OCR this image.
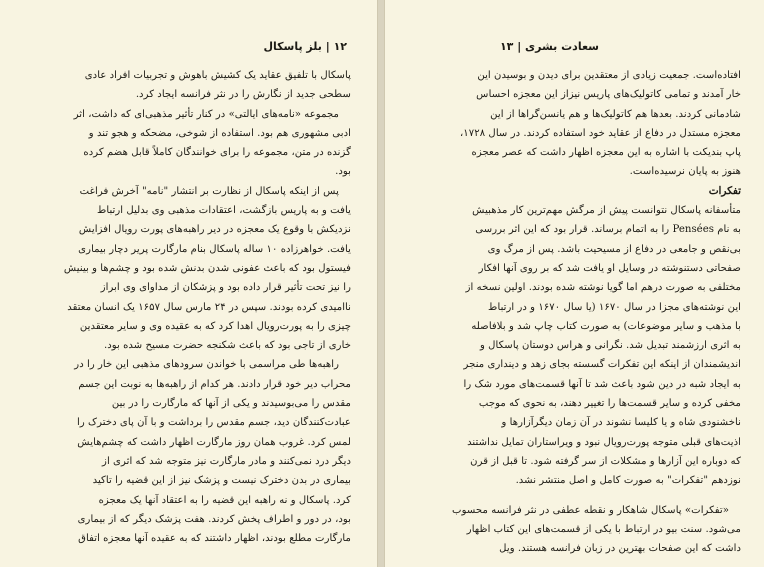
۱۲ | بلز پاسکال
پاسکال با تلفیق عقاید یک کشیش باهوش و تجربیات افراد عادی
سطحی جدید از نگارش را در نثر فرانسه ایجاد کرد.
مجموعه «نامه‌های ایالتی» در کنار تأثیر مذهبی‌ای که داشت، اثر
ادبی مشهوری هم بود. استفاده از شوخی، مضحکه و هجو تند و
گزنده در متن، مجموعه را برای خوانندگان کاملاً قابل هضم کرده
بود.
پس از اینکه پاسکال از نظارت بر انتشار "نامه" آخرش فراغت
یافت و به پاریس بازگشت، اعتقادات مذهبی وی بدلیل ارتباط
نزدیکش با وقوع یک معجزه در دیر راهبه‌های پورت رویال افزایش
یافت. خواهرزاده ۱۰ ساله پاسکال بنام مارگارت پریر دچار بیماری
فیستول بود که باعث عفونی شدن بدنش شده بود و چشم‌ها و بینیش
را نیز تحت تأثیر قرار داده بود و پزشکان از مداوای وی ابراز
ناامیدی کرده بودند. سپس در ۲۴ مارس سال ۱۶۵۷ یک انسان معتقد
چیزی را به پورت‌رویال اهدا کرد که به عقیده وی و سایر معتقدین
خاری از تاجی بود که باعث شکنجه حضرت مسیح شده بود.
راهبه‌ها طی مراسمی با خواندن سرودهای مذهبی این خار را در
محراب دیر خود قرار دادند. هر کدام از راهبه‌ها به نوبت این جسم
مقدس را می‌بوسیدند و یکی از آنها که مارگارت را در بین
عبادت‌کنندگان دید، جسم مقدس را برداشت و با آن پای دخترک را
لمس کرد. غروب همان روز مارگارت اظهار داشت که چشم‌هایش
دیگر درد نمی‌کنند و مادر مارگارت نیز متوجه شد که اثری از
بیماری در بدن دخترک نیست و پزشک نیز از این قضیه را تاکید
کرد. پاسکال و نه راهبه این قضیه را به اعتقاد آنها یک معجزه
بود، در دور و اطراف پخش کردند. هفت پزشک دیگر که از بیماری
مارگارت مطلع بودند، اظهار داشتند که به عقیده آنها معجزه اتفاق
سعادت بشری | ۱۳
افتاده‌است. جمعیت زیادی از معتقدین برای دیدن و بوسیدن این
خار آمدند و تمامی کاتولیک‌های پاریس نیزاز این معجزه احساس
شادمانی کردند. بعدها هم کاتولیک‌ها و هم یانسن‌گراها از این
معجزه مستدل در دفاع از عقاید خود استفاده کردند. در سال ۱۷۲۸،
پاپ بندیکت با اشاره به این معجزه اظهار داشت که عصر معجزه
هنوز به پایان نرسیده‌است.
تفکرات
متأسفانه پاسکال نتوانست پیش از مرگش مهم‌ترین کار مذهبیش
به نام Pensées را به اتمام برساند. قرار بود که این اثر بررسی
بی‌نقص و جامعی در دفاع از مسیحیت باشد. پس از مرگ وی
صفحاتی دستنوشته در وسایل او یافت شد که بر روی آنها افکار
مختلفی به صورت درهم اما گویا نوشته شده بودند. اولین نسخه از
این نوشته‌های مجزا در سال ۱۶۷۰ (یا سال ۱۶۷۰ و در ارتباط
با مذهب و سایر موضوعات) به صورت کتاب چاپ شد و بلافاصله
به اثری ارزشمند تبدیل شد. نگرانی و هراس دوستان پاسکال و
اندیشمندان از اینکه این تفکرات گسسته بجای زهد و دینداری منجر
به ایجاد شبه در دین شود باعث شد تا آنها قسمت‌های مورد شک را
مخفی کرده و سایر قسمت‌ها را تغییر دهند، به نحوی که موجب
ناخشنودی شاه و یا کلیسا نشوند در آن زمان دیگرآزارها و
اذیت‌های قبلی متوجه پورت‌رویال نبود و ویراستاران تمایل نداشتند
که دوباره این آزارها و مشکلات از سر گرفته شود. تا قبل از قرن
نوزدهم "تفکرات" به صورت کامل و اصل منتشر نشد.
«تفکرات» پاسکال شاهکار و نقطه عطفی در نثر فرانسه محسوب
می‌شود. سنت بیو در ارتباط با یکی از قسمت‌های این کتاب اظهار
داشت که این صفحات بهترین در زبان فرانسه هستند. ویل
